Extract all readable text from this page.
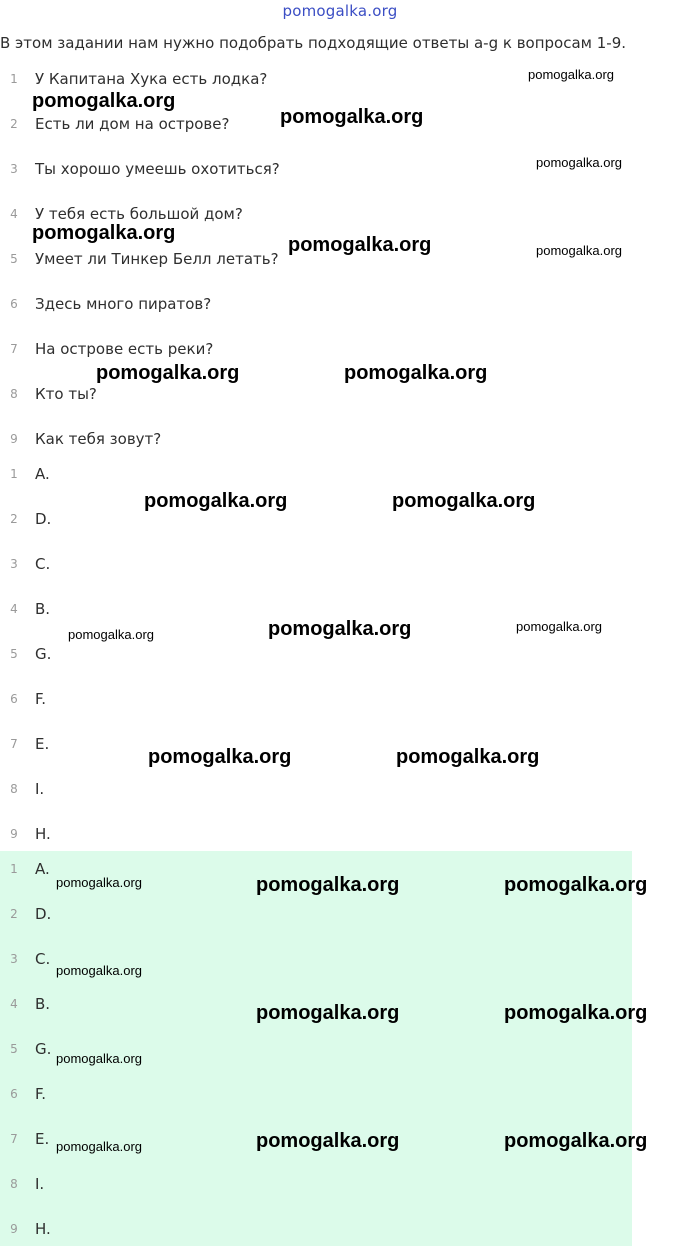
pomogalka.org
В этом задании нам нужно подобрать подходящие ответы a-g к вопросам 1-9.
1	У Капитана Хука есть лодка?
2	Есть ли дом на острове?
3	Ты хорошо умеешь охотиться?
4	У тебя есть большой дом?
5	Умеет ли Тинкер Белл летать?
6	Здесь много пиратов?
7	На острове есть реки?
8	Кто ты?
9	Как тебя зовут?
1	A.
2	D.
3	C.
4	B.
5	G.
6	F.
7	E.
8	I.
9	H.
1	A.
2	D.
3	C.
4	B.
5	G.
6	F.
7	E.
8	I.
9	H.
pomogalka.org
pomogalka.org
pomogalka.org
pomogalka.org
pomogalka.org
pomogalka.org	pomogalka.org
pomogalka.org	pomogalka.org
pomogalka.org	pomogalka.org
pomogalka.org	pomogalka.org	pomogalka.org
pomogalka.org	pomogalka.org
pomogalka.org	pomogalka.org	pomogalka.org
pomogalka.org
pomogalka.org	pomogalka.org
pomogalka.org
pomogalka.org	pomogalka.org	pomogalka.org
